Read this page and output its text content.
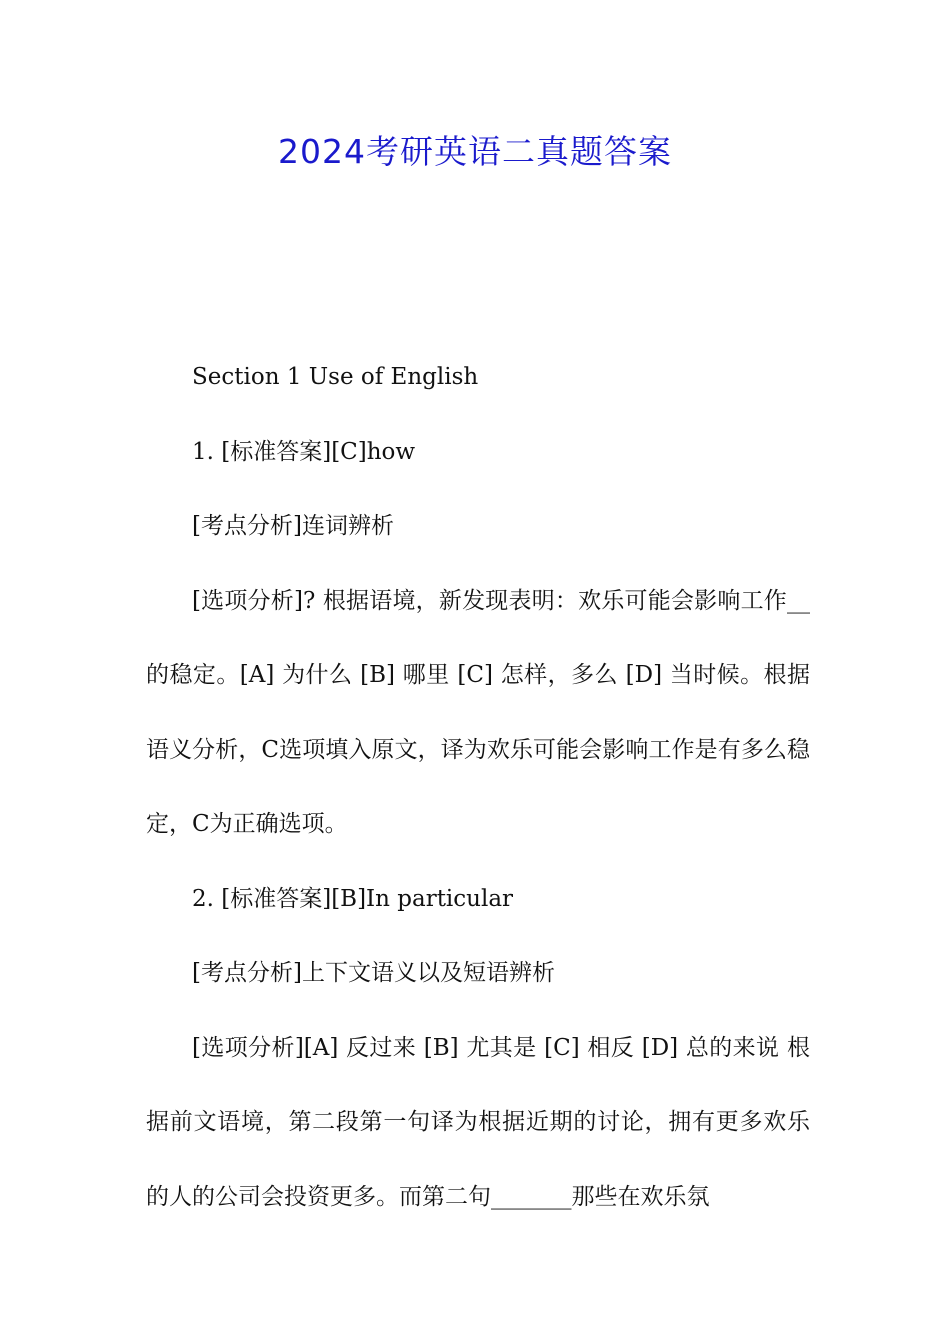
2024考研英语二真题答案

Section 1 Use of English

1. [标准答案][C]how

[考点分析]连词辨析

[选项分析]? 根据语境，新发现表明：欢乐可能会影响工作__的稳定。[A] 为什么 [B] 哪里 [C] 怎样，多么 [D] 当时候。根据语义分析，C选项填入原文，译为欢乐可能会影响工作是有多么稳定，C为正确选项。

2. [标准答案][B]In particular

[考点分析]上下文语义以及短语辨析

[选项分析][A] 反过来 [B] 尤其是 [C] 相反 [D] 总的来说 根据前文语境，第二段第一句译为根据近期的讨论，拥有更多欢乐的人的公司会投资更多。而第二句_______那些在欢乐氛
